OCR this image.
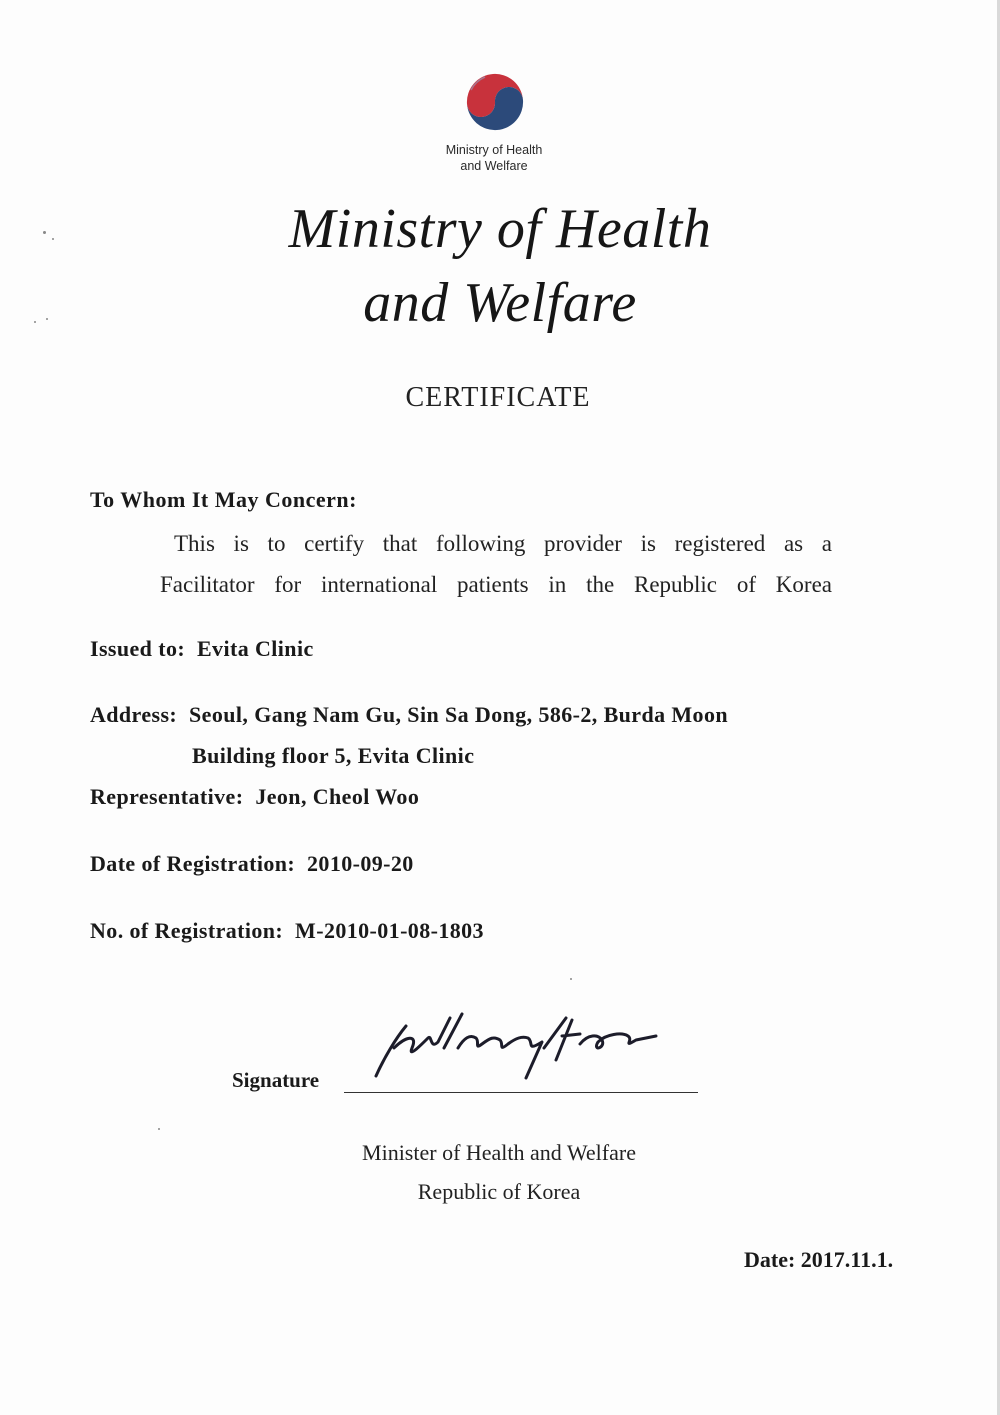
Ministry of Health
and Welfare
Ministry of Health
and Welfare
CERTIFICATE
To Whom It May Concern:
This is to certify that following provider is registered as a
Facilitator for international patients in the Republic of Korea
Issued to: Evita Clinic
Address: Seoul, Gang Nam Gu, Sin Sa Dong, 586-2, Burda Moon
Building floor 5, Evita Clinic
Representative: Jeon, Cheol Woo
Date of Registration: 2010-09-20
No. of Registration: M-2010-01-08-1803
Signature
Minister of Health and Welfare
Republic of Korea
Date: 2017.11.1.
